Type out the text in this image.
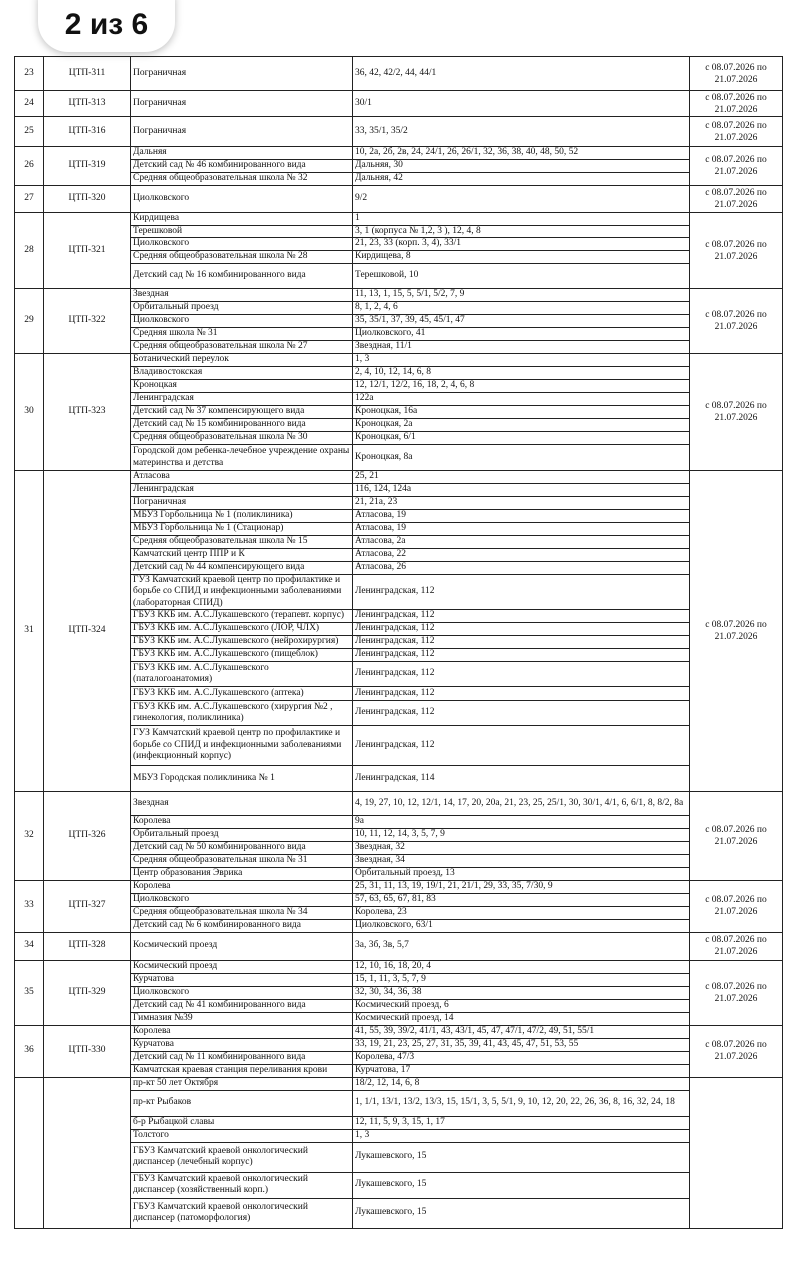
2 из 6
23	ЦТП-311	Пограничная	36, 42, 42/2, 44, 44/1	с 08.07.2026 по 21.07.2026
24	ЦТП-313	Пограничная	30/1	с 08.07.2026 по 21.07.2026
25	ЦТП-316	Пограничная	33, 35/1, 35/2	с 08.07.2026 по 21.07.2026
26	ЦТП-319	Дальняя	10, 2а, 2б, 2в, 24, 24/1, 26, 26/1, 32, 36, 38, 40, 48, 50, 52	с 08.07.2026 по 21.07.2026
		Детский сад № 46 комбинированного вида	Дальняя, 30	
		Средняя общеобразовательная школа № 32	Дальняя, 42	
27	ЦТП-320	Циолковского	9/2	с 08.07.2026 по 21.07.2026
28	ЦТП-321	Кирдищева	1	с 08.07.2026 по 21.07.2026
		Терешковой	3, 1 (корпуса № 1,2, 3 ), 12, 4, 8	
		Циолковского	21, 23, 33 (корп. 3, 4), 33/1	
		Средняя общеобразовательная школа № 28	Кирдищева, 8	
		Детский сад № 16 комбинированного вида	Терешковой, 10	
29	ЦТП-322	Звездная	11, 13, 1, 15, 5, 5/1, 5/2, 7, 9	с 08.07.2026 по 21.07.2026
		Орбитальный проезд	8, 1, 2, 4, 6	
		Циолковского	35, 35/1, 37, 39, 45, 45/1, 47	
		Средняя школа № 31	Циолковского, 41	
		Средняя общеобразовательная школа № 27	Звездная, 11/1	
30	ЦТП-323	Ботанический переулок	1, 3	с 08.07.2026 по 21.07.2026
		Владивостокская	2, 4, 10, 12, 14, 6, 8	
		Кроноцкая	12, 12/1, 12/2, 16, 18, 2, 4, 6, 8	
		Ленинградская	122а	
		Детский сад № 37 компенсирующего вида	Кроноцкая, 16а	
		Детский сад № 15 комбинированного вида	Кроноцкая, 2а	
		Средняя общеобразовательная школа № 30	Кроноцкая, 6/1	
		Городской дом ребенка-лечебное учреждение охраны материнства и детства	Кроноцкая, 8а	
31	ЦТП-324	Атласова	25, 21	с 08.07.2026 по 21.07.2026
		Ленинградская	116, 124, 124а	
		Пограничная	21, 21а, 23	
		МБУЗ Горбольница № 1 (поликлиника)	Атласова, 19	
		МБУЗ Горбольница № 1 (Стационар)	Атласова, 19	
		Средняя общеобразовательная школа № 15	Атласова, 2а	
		Камчатский центр ППР и К	Атласова, 22	
		Детский сад № 44 компенсирующего вида	Атласова, 26	
		ГУЗ Камчатский краевой центр по профилактике и борьбе со СПИД и инфекционными заболеваниями (лабораторная СПИД)	Ленинградская, 112	
		ГБУЗ ККБ им. А.С.Лукашевского (терапевт. корпус)	Ленинградская, 112	
		ГБУЗ ККБ им. А.С.Лукашевского (ЛОР, ЧЛХ)	Ленинградская, 112	
		ГБУЗ ККБ им. А.С.Лукашевского (нейрохирургия)	Ленинградская, 112	
		ГБУЗ ККБ им. А.С.Лукашевского (пищеблок)	Ленинградская, 112	
		ГБУЗ ККБ им. А.С.Лукашевского (паталогоанатомия)	Ленинградская, 112	
		ГБУЗ ККБ им. А.С.Лукашевского (аптека)	Ленинградская, 112	
		ГБУЗ ККБ им. А.С.Лукашевского (хирургия №2 , гинекология, поликлиника)	Ленинградская, 112	
		ГУЗ Камчатский краевой центр по профилактике и борьбе со СПИД и инфекционными заболеваниями (инфекционный корпус)	Ленинградская, 112	
		МБУЗ Городская поликлиника № 1	Ленинградская, 114	
32	ЦТП-326	Звездная	4, 19, 27, 10, 12, 12/1, 14, 17, 20, 20а, 21, 23, 25, 25/1, 30, 30/1, 4/1, 6, 6/1, 8, 8/2, 8а	с 08.07.2026 по 21.07.2026
		Королева	9а	
		Орбитальный проезд	10, 11, 12, 14, 3, 5, 7, 9	
		Детский сад № 50 комбинированного вида	Звездная, 32	
		Средняя общеобразовательная школа № 31	Звездная, 34	
		Центр образования Эврика	Орбитальный проезд, 13	
33	ЦТП-327	Королева	25, 31, 11, 13, 19, 19/1, 21, 21/1, 29, 33, 35, 7/30, 9	с 08.07.2026 по 21.07.2026
		Циолковского	57, 63, 65, 67, 81, 83	
		Средняя общеобразовательная школа № 34	Королева, 23	
		Детский сад № 6 комбинированного вида	Циолковского, 63/1	
34	ЦТП-328	Космический проезд	3а, 3б, 3в, 5,7	с 08.07.2026 по 21.07.2026
35	ЦТП-329	Космический проезд	12, 10, 16, 18, 20, 4	с 08.07.2026 по 21.07.2026
		Курчатова	15, 1, 11, 3, 5, 7, 9	
		Циолковского	32, 30, 34, 36, 38	
		Детский сад № 41 комбинированного вида	Космический проезд, 6	
		Гимназия №39	Космический проезд, 14	
36	ЦТП-330	Королева	41, 55, 39, 39/2, 41/1, 43, 43/1, 45, 47, 47/1, 47/2, 49, 51, 55/1	с 08.07.2026 по 21.07.2026
		Курчатова	33, 19, 21, 23, 25, 27, 31, 35, 39, 41, 43, 45, 47, 51, 53, 55	
		Детский сад № 11 комбинированного вида	Королева, 47/3	
		Камчатская краевая станция переливания крови	Курчатова, 17	
		пр-кт 50 лет Октября	18/2, 12, 14, 6, 8	
		пр-кт Рыбаков	1, 1/1, 13/1, 13/2, 13/3, 15, 15/1, 3, 5, 5/1, 9, 10, 12, 20, 22, 26, 36, 8, 16, 32, 24, 18	
		б-р Рыбацкой славы	12, 11, 5, 9, 3, 15, 1, 17	
		Толстого	1, 3	
		ГБУЗ Камчатский краевой онкологический диспансер (лечебный корпус)	Лукашевского, 15	
		ГБУЗ Камчатский краевой онкологический диспансер (хозяйственный корп.)	Лукашевского, 15	
		ГБУЗ Камчатский краевой онкологический диспансер (патоморфология)	Лукашевского, 15	
